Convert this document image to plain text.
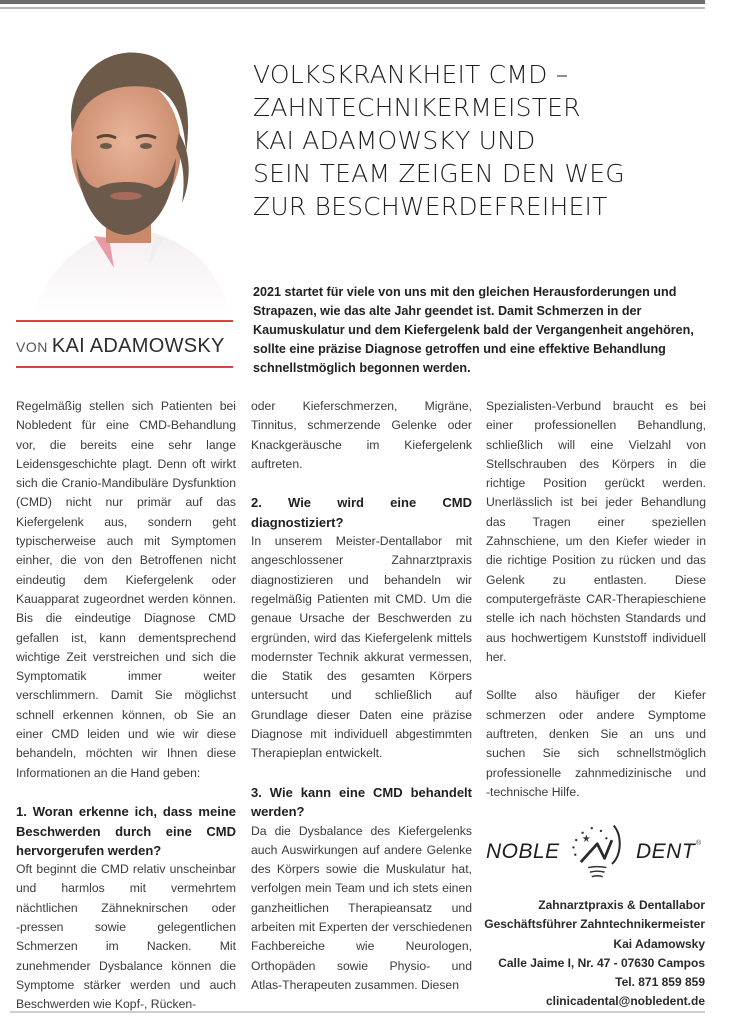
VON KAI ADAMOWSKY
VOLKSKRANKHEIT CMD –
ZAHNTECHNIKERMEISTER
KAI ADAMOWSKY UND
SEIN TEAM ZEIGEN DEN WEG
ZUR BESCHWERDEFREIHEIT
2021 startet für viele von uns mit den gleichen Herausforderungen und Strapazen, wie das alte Jahr geendet ist. Damit Schmerzen in der Kaumuskulatur und dem Kiefergelenk bald der Vergangenheit angehören, sollte eine präzise Diagnose getroffen und eine effektive Behandlung schnellstmöglich begonnen werden.
Regelmäßig stellen sich Patienten bei
Nobledent für eine CMD-Behandlung
vor, die bereits eine sehr lange
Leidensgeschichte plagt. Denn oft wirkt
sich die Cranio-Mandibuläre Dysfunktion
(CMD) nicht nur primär auf das
Kiefergelenk aus, sondern geht
typischerweise auch mit Symptomen
einher, die von den Betroffenen nicht
eindeutig dem Kiefergelenk oder
Kauapparat zugeordnet werden können.
Bis die eindeutige Diagnose CMD
gefallen ist, kann dementsprechend
wichtige Zeit verstreichen und sich die
Symptomatik immer weiter
verschlimmern. Damit Sie möglichst
schnell erkennen können, ob Sie an
einer CMD leiden und wie wir diese
behandeln, möchten wir Ihnen diese
Informationen an die Hand geben:
1. Woran erkenne ich, dass meine
Beschwerden durch eine CMD
hervorgerufen werden?
Oft beginnt die CMD relativ unscheinbar
und harmlos mit vermehrtem
nächtlichen Zähneknirschen oder
-pressen sowie gelegentlichen
Schmerzen im Nacken. Mit
zunehmender Dysbalance können die
Symptome stärker werden und auch
Beschwerden wie Kopf-, Rücken-
oder Kieferschmerzen, Migräne,
Tinnitus, schmerzende Gelenke oder
Knackgeräusche im Kiefergelenk
auftreten.
2. Wie wird eine CMD
diagnostiziert?
In unserem Meister-Dentallabor mit
angeschlossener Zahnarztpraxis
diagnostizieren und behandeln wir
regelmäßig Patienten mit CMD. Um die
genaue Ursache der Beschwerden zu
ergründen, wird das Kiefergelenk mittels
modernster Technik akkurat vermessen,
die Statik des gesamten Körpers
untersucht und schließlich auf
Grundlage dieser Daten eine präzise
Diagnose mit individuell abgestimmten
Therapieplan entwickelt.
3. Wie kann eine CMD behandelt
werden?
Da die Dysbalance des Kiefergelenks
auch Auswirkungen auf andere Gelenke
des Körpers sowie die Muskulatur hat,
verfolgen mein Team und ich stets einen
ganzheitlichen Therapieansatz und
arbeiten mit Experten der verschiedenen
Fachbereiche wie Neurologen,
Orthopäden sowie Physio- und
Atlas-Therapeuten zusammen. Diesen
Spezialisten-Verbund braucht es bei
einer professionellen Behandlung,
schließlich will eine Vielzahl von
Stellschrauben des Körpers in die
richtige Position gerückt werden.
Unerlässlich ist bei jeder Behandlung
das Tragen einer speziellen
Zahnschiene, um den Kiefer wieder in
die richtige Position zu rücken und das
Gelenk zu entlasten. Diese
computergefräste CAR-Therapieschiene
stelle ich nach höchsten Standards und
aus hochwertigem Kunststoff individuell
her.
Sollte also häufiger der Kiefer
schmerzen oder andere Symptome
auftreten, denken Sie an uns und
suchen Sie sich schnellstmöglich
professionelle zahnmedizinische und
-technische Hilfe.
NOBLE	DENT ®
Zahnarztpraxis & Dentallabor
Geschäftsführer Zahntechnikermeister
Kai Adamowsky
Calle Jaime I, Nr. 47 - 07630 Campos
Tel. 871 859 859
clinicadental@nobledent.de
